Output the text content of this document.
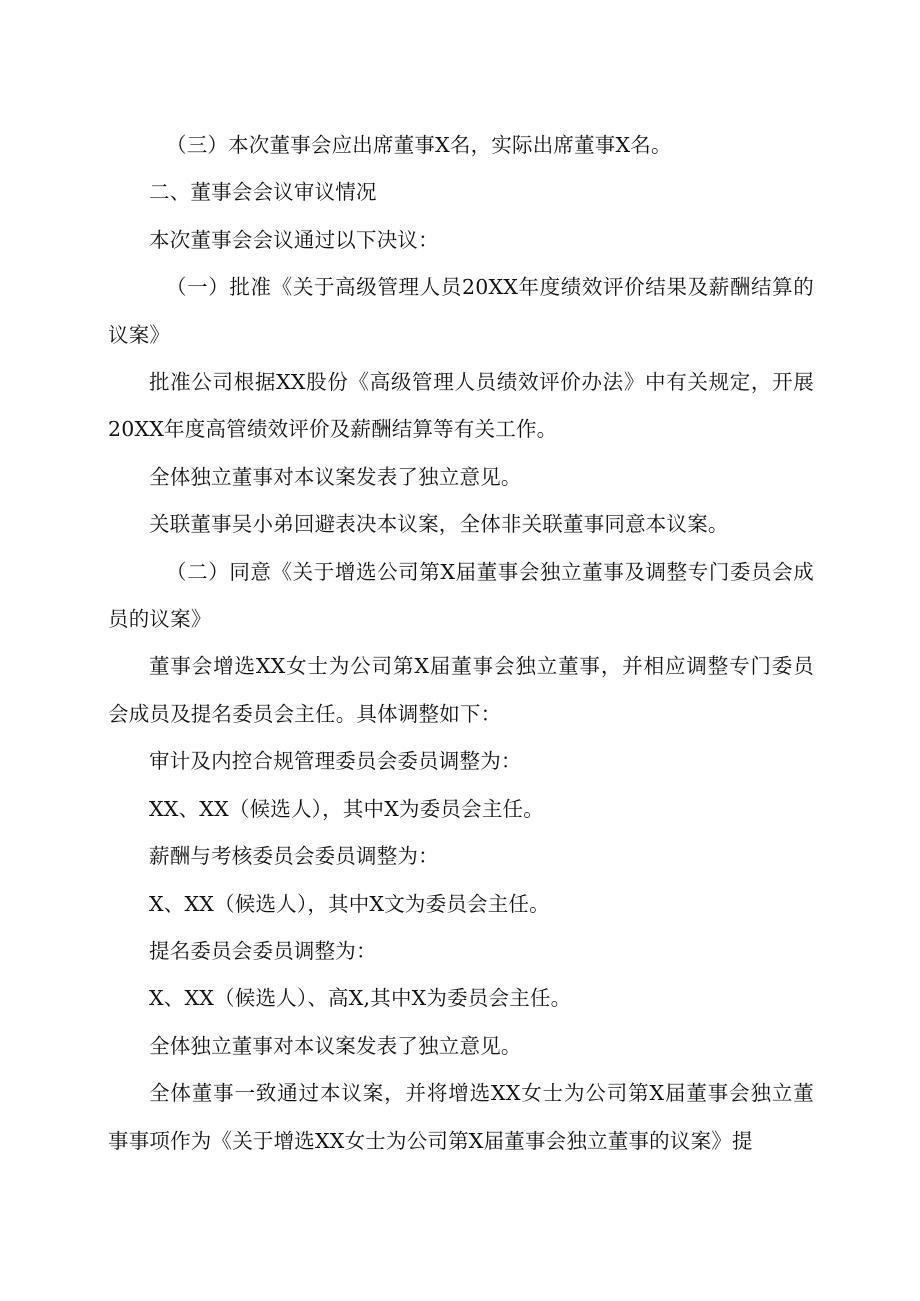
（三）本次董事会应出席董事X名，实际出席董事X名。

二、董事会会议审议情况

本次董事会会议通过以下决议：

（一）批准《关于高级管理人员20XX年度绩效评价结果及薪酬结算的议案》

批准公司根据XX股份《高级管理人员绩效评价办法》中有关规定，开展20XX年度高管绩效评价及薪酬结算等有关工作。

全体独立董事对本议案发表了独立意见。

关联董事吴小弟回避表决本议案，全体非关联董事同意本议案。

（二）同意《关于增选公司第X届董事会独立董事及调整专门委员会成员的议案》

董事会增选XX女士为公司第X届董事会独立董事，并相应调整专门委员会成员及提名委员会主任。具体调整如下：

审计及内控合规管理委员会委员调整为：

XX、XX（候选人），其中X为委员会主任。

薪酬与考核委员会委员调整为：

X、XX（候选人），其中X文为委员会主任。

提名委员会委员调整为：

X、XX（候选人）、高X,其中X为委员会主任。

全体独立董事对本议案发表了独立意见。

全体董事一致通过本议案，并将增选XX女士为公司第X届董事会独立董事事项作为《关于增选XX女士为公司第X届董事会独立董事的议案》提
